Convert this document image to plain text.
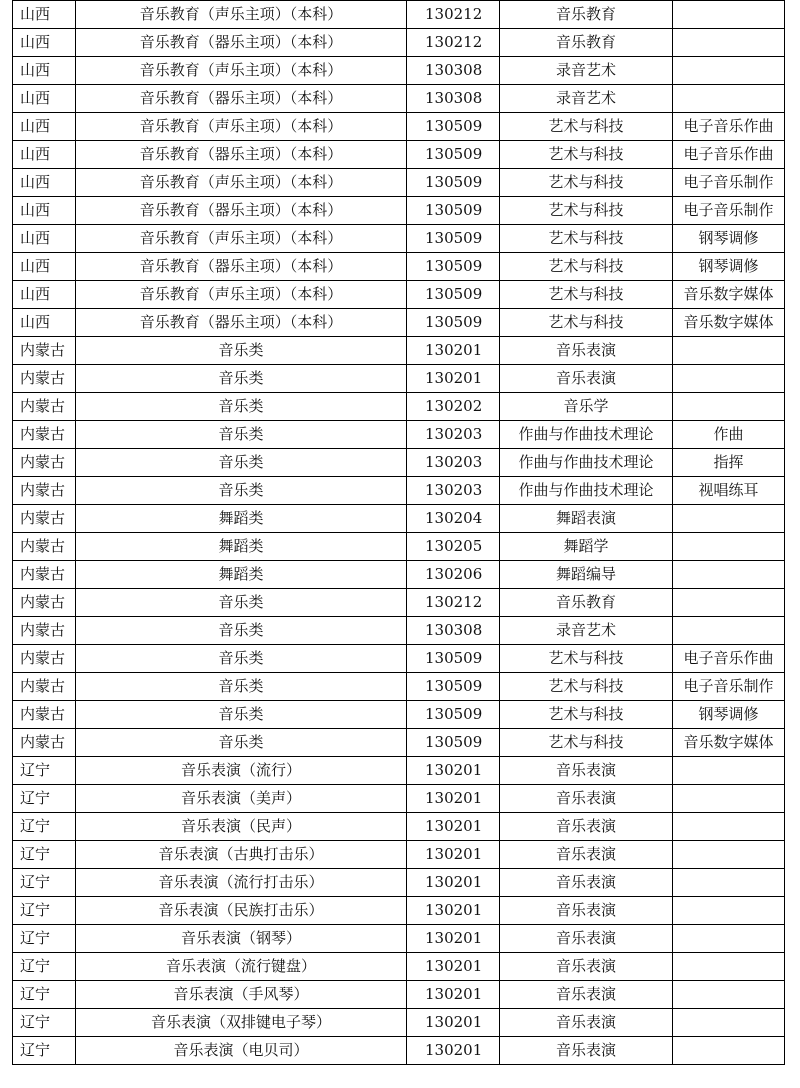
山西	音乐教育（声乐主项）（本科）	130212	音乐教育	
山西	音乐教育（器乐主项）（本科）	130212	音乐教育	
山西	音乐教育（声乐主项）（本科）	130308	录音艺术	
山西	音乐教育（器乐主项）（本科）	130308	录音艺术	
山西	音乐教育（声乐主项）（本科）	130509	艺术与科技	电子音乐作曲
山西	音乐教育（器乐主项）（本科）	130509	艺术与科技	电子音乐作曲
山西	音乐教育（声乐主项）（本科）	130509	艺术与科技	电子音乐制作
山西	音乐教育（器乐主项）（本科）	130509	艺术与科技	电子音乐制作
山西	音乐教育（声乐主项）（本科）	130509	艺术与科技	钢琴调修
山西	音乐教育（器乐主项）（本科）	130509	艺术与科技	钢琴调修
山西	音乐教育（声乐主项）（本科）	130509	艺术与科技	音乐数字媒体
山西	音乐教育（器乐主项）（本科）	130509	艺术与科技	音乐数字媒体
内蒙古	音乐类	130201	音乐表演	
内蒙古	音乐类	130201	音乐表演	
内蒙古	音乐类	130202	音乐学	
内蒙古	音乐类	130203	作曲与作曲技术理论	作曲
内蒙古	音乐类	130203	作曲与作曲技术理论	指挥
内蒙古	音乐类	130203	作曲与作曲技术理论	视唱练耳
内蒙古	舞蹈类	130204	舞蹈表演	
内蒙古	舞蹈类	130205	舞蹈学	
内蒙古	舞蹈类	130206	舞蹈编导	
内蒙古	音乐类	130212	音乐教育	
内蒙古	音乐类	130308	录音艺术	
内蒙古	音乐类	130509	艺术与科技	电子音乐作曲
内蒙古	音乐类	130509	艺术与科技	电子音乐制作
内蒙古	音乐类	130509	艺术与科技	钢琴调修
内蒙古	音乐类	130509	艺术与科技	音乐数字媒体
辽宁	音乐表演（流行）	130201	音乐表演	
辽宁	音乐表演（美声）	130201	音乐表演	
辽宁	音乐表演（民声）	130201	音乐表演	
辽宁	音乐表演（古典打击乐）	130201	音乐表演	
辽宁	音乐表演（流行打击乐）	130201	音乐表演	
辽宁	音乐表演（民族打击乐）	130201	音乐表演	
辽宁	音乐表演（钢琴）	130201	音乐表演	
辽宁	音乐表演（流行键盘）	130201	音乐表演	
辽宁	音乐表演（手风琴）	130201	音乐表演	
辽宁	音乐表演（双排键电子琴）	130201	音乐表演	
辽宁	音乐表演（电贝司）	130201	音乐表演	
